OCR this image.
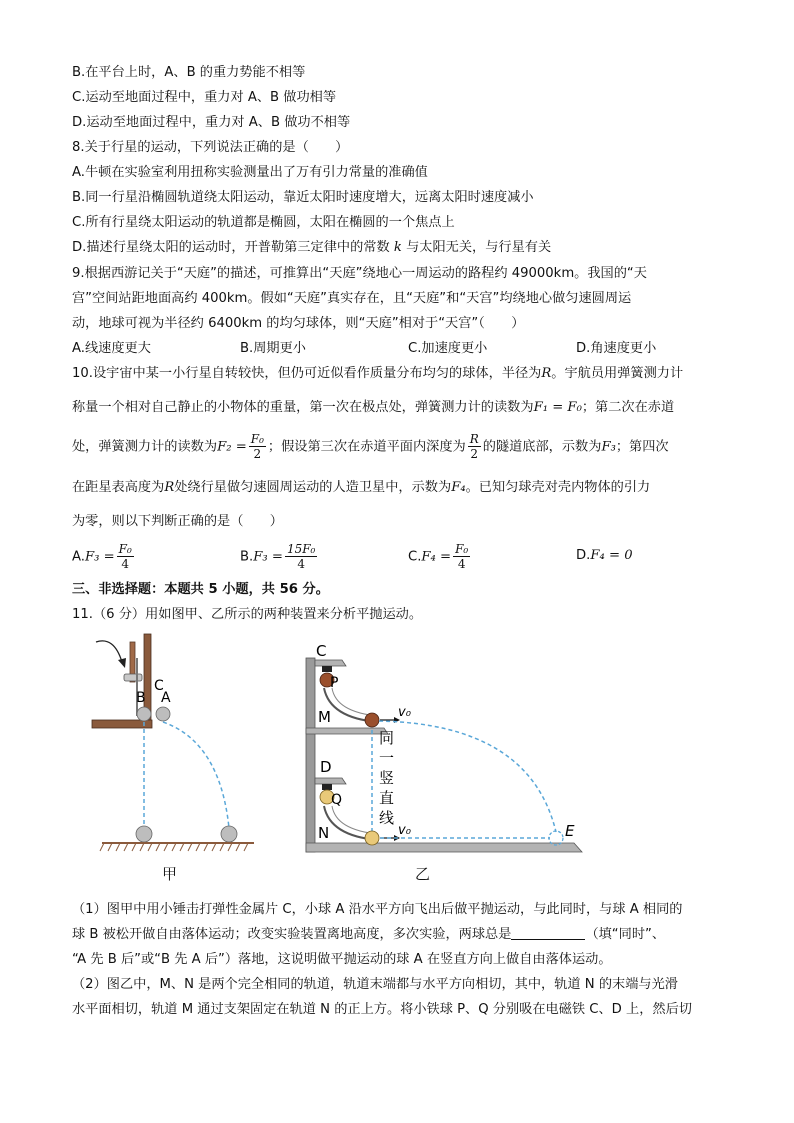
B.在平台上时，A、B 的重力势能不相等
C.运动至地面过程中，重力对 A、B 做功相等
D.运动至地面过程中，重力对 A、B 做功不相等
8.关于行星的运动，下列说法正确的是（　　）
A.牛顿在实验室利用扭称实验测量出了万有引力常量的准确值
B.同一行星沿椭圆轨道绕太阳运动，靠近太阳时速度增大，远离太阳时速度减小
C.所有行星绕太阳运动的轨道都是椭圆，太阳在椭圆的一个焦点上
D.描述行星绕太阳的运动时，开普勒第三定律中的常数 k 与太阳无关，与行星有关
9.根据西游记关于“天庭”的描述，可推算出“天庭”绕地心一周运动的路程约 49000km。我国的“天
宫”空间站距地面高约 400km。假如“天庭”真实存在，且“天庭”和“天宫”均绕地心做匀速圆周运
动，地球可视为半径约 6400km 的均匀球体，则“天庭”相对于“天宫”（　　）
A.线速度更大	B.周期更小	C.加速度更小	D.角速度更小
10.设宇宙中某一小行星自转较快，但仍可近似看作质量分布均匀的球体，半径为R。宇航员用弹簧测力计
称量一个相对自己静止的小物体的重量，第一次在极点处，弹簧测力计的读数为F₁ = F₀；第二次在赤道
处，弹簧测力计的读数为$F_2 = \frac{\text{F₀}}{2}$ ；假设第三次在赤道平面内深度为 $\frac{R}{2}$ 的隧道底部，示数为F₃；第四次
在距星表高度为R处绕行星做匀速圆周运动的人造卫星中，示数为F₄。已知匀球壳对壳内物体的引力
为零，则以下判断正确的是（　　）
$A.F_3 = \frac{\text{F₀}}{4}$	$B.F_3 = \frac{\text{15F₀}}{4}$	$C.F_4 = \frac{\text{F₀}}{4}$	D.F₄ = 0
三、非选择题：本题共 5 小题，共 56 分。
11.（6 分）用如图甲、乙所示的两种装置来分析平抛运动。
C
B A
甲
C
P
M	v₀
同
一
竖
直
线
D
Q
N	v₀	E
乙
（1）图甲中用小锤击打弹性金属片 C，小球 A 沿水平方向飞出后做平抛运动，与此同时，与球 A 相同的
球 B 被松开做自由落体运动；改变实验装置离地高度，多次实验，两球总是	（填“同时”、
“A 先 B 后”或“B 先 A 后”）落地，这说明做平抛运动的球 A 在竖直方向上做自由落体运动。
（2）图乙中，M、N 是两个完全相同的轨道，轨道末端都与水平方向相切，其中，轨道 N 的末端与光滑
水平面相切，轨道 M 通过支架固定在轨道 N 的正上方。将小铁球 P、Q 分别吸在电磁铁 C、D 上，然后切
